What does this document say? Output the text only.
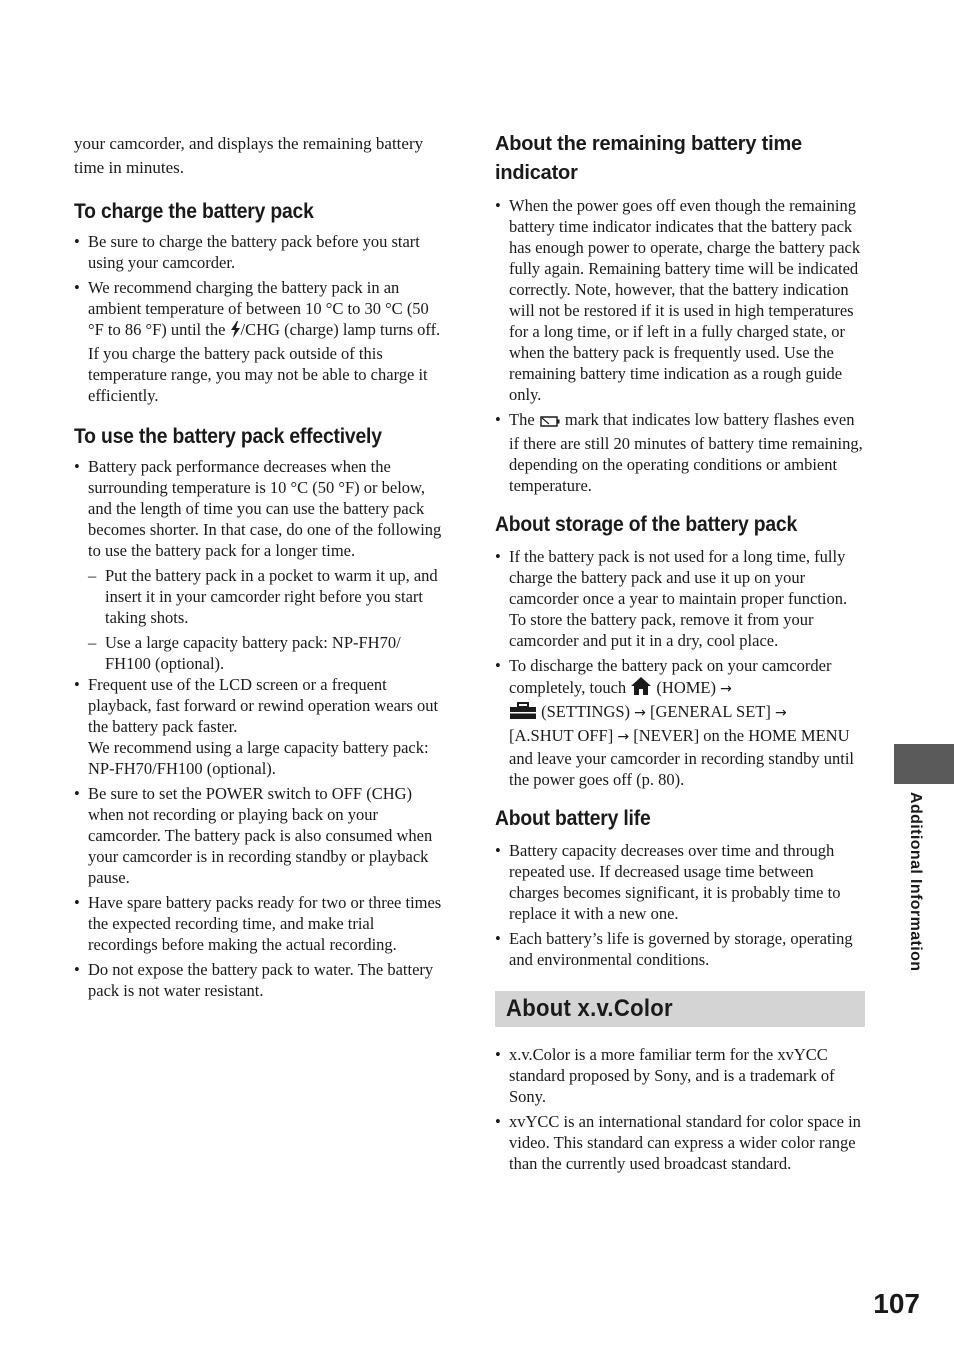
your camcorder, and displays the remaining battery time in minutes.

To charge the battery pack
• Be sure to charge the battery pack before you start using your camcorder.
• We recommend charging the battery pack in an ambient temperature of between 10 °C to 30 °C (50 °F to 86 °F) until the /CHG (charge) lamp turns off. If you charge the battery pack outside of this temperature range, you may not be able to charge it efficiently.
To use the battery pack effectively
• Battery pack performance decreases when the surrounding temperature is 10 °C (50 °F) or below, and the length of time you can use the battery pack becomes shorter. In that case, do one of the following to use the battery pack for a longer time.
– Put the battery pack in a pocket to warm it up, and insert it in your camcorder right before you start taking shots.
– Use a large capacity battery pack: NP-FH70/ FH100 (optional).
• Frequent use of the LCD screen or a frequent playback, fast forward or rewind operation wears out the battery pack faster.
We recommend using a large capacity battery pack: NP-FH70/FH100 (optional).
• Be sure to set the POWER switch to OFF (CHG) when not recording or playing back on your camcorder. The battery pack is also consumed when your camcorder is in recording standby or playback pause.
• Have spare battery packs ready for two or three times the expected recording time, and make trial recordings before making the actual recording.
• Do not expose the battery pack to water. The battery pack is not water resistant.
About the remaining battery time indicator
• When the power goes off even though the remaining battery time indicator indicates that the battery pack has enough power to operate, charge the battery pack fully again. Remaining battery time will be indicated correctly. Note, however, that the battery indication will not be restored if it is used in high temperatures for a long time, or if left in a fully charged state, or when the battery pack is frequently used. Use the remaining battery time indication as a rough guide only.
• The  mark that indicates low battery flashes even if there are still 20 minutes of battery time remaining, depending on the operating conditions or ambient temperature.
About storage of the battery pack
• If the battery pack is not used for a long time, fully charge the battery pack and use it up on your camcorder once a year to maintain proper function. To store the battery pack, remove it from your camcorder and put it in a dry, cool place.
• To discharge the battery pack on your camcorder completely, touch  (HOME) →
(SETTINGS) → [GENERAL SET] →
[A.SHUT OFF] → [NEVER] on the HOME MENU and leave your camcorder in recording standby until the power goes off (p. 80).
About battery life
• Battery capacity decreases over time and through repeated use. If decreased usage time between charges becomes significant, it is probably time to replace it with a new one.
• Each battery’s life is governed by storage, operating and environmental conditions.
About x.v.Color
• x.v.Color is a more familiar term for the xvYCC standard proposed by Sony, and is a trademark of Sony.
• xvYCC is an international standard for color space in video. This standard can express a wider color range than the currently used broadcast standard.
Additional Information
107
